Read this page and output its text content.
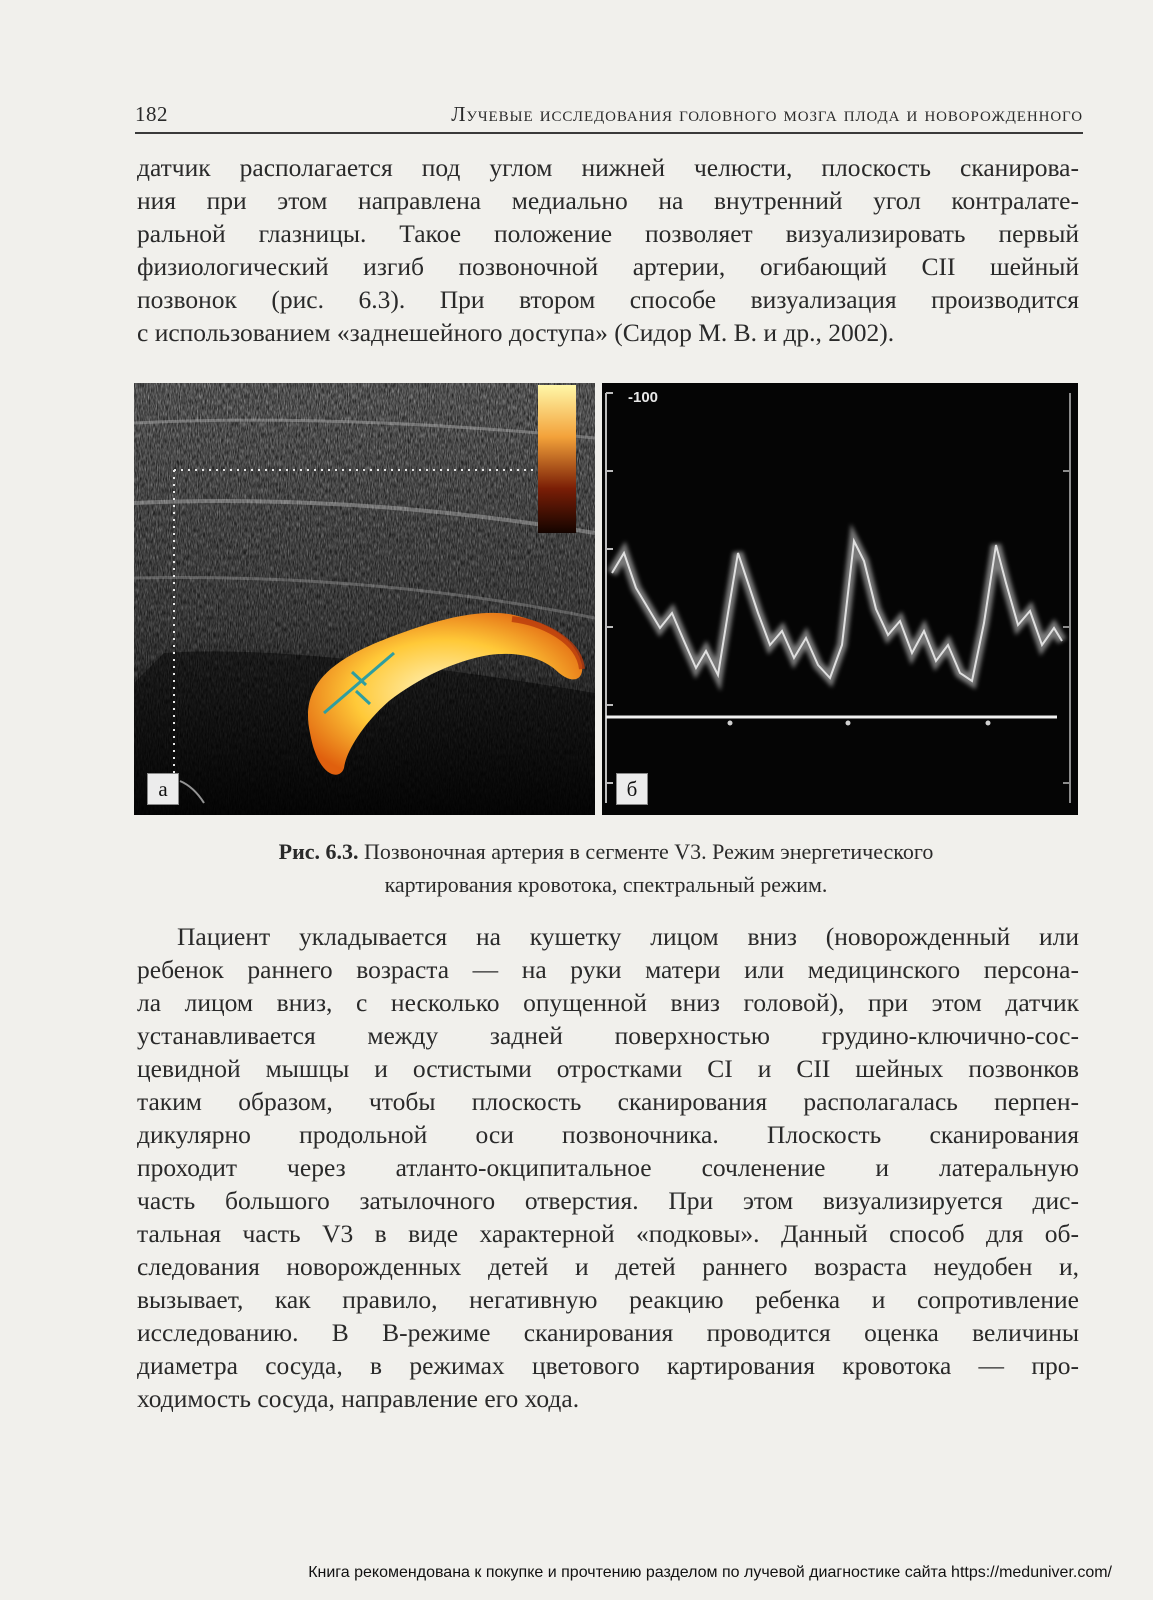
182	Лучевые исследования головного мозга плода и новорожденного
датчик располагается под углом нижней челюсти, плоскость сканирова-
ния при этом направлена медиально на внутренний угол контралате-
ральной глазницы. Такое положение позволяет визуализировать первый
физиологический изгиб позвоночной артерии, огибающий CII шейный
позвонок (рис. 6.3). При втором способе визуализация производится
с использованием «заднешейного доступа» (Сидор М. В. и др., 2002).
а
-100
б
Рис. 6.3. Позвоночная артерия в сегменте V3. Режим энергетического
картирования кровотока, спектральный режим.
Пациент укладывается на кушетку лицом вниз (новорожденный или
ребенок раннего возраста — на руки матери или медицинского персона-
ла лицом вниз, с несколько опущенной вниз головой), при этом датчик
устанавливается между задней поверхностью грудино-ключично-сос-
цевидной мышцы и остистыми отростками CI и CII шейных позвонков
таким образом, чтобы плоскость сканирования располагалась перпен-
дикулярно продольной оси позвоночника. Плоскость сканирования
проходит через атланто-окципитальное сочленение и латеральную
часть большого затылочного отверстия. При этом визуализируется дис-
тальная часть V3 в виде характерной «подковы». Данный способ для об-
следования новорожденных детей и детей раннего возраста неудобен и,
вызывает, как правило, негативную реакцию ребенка и сопротивление
исследованию. В В-режиме сканирования проводится оценка величины
диаметра сосуда, в режимах цветового картирования кровотока — про-
ходимость сосуда, направление его хода.
Книга рекомендована к покупке и прочтению разделом по лучевой диагностике сайта https://meduniver.com/
